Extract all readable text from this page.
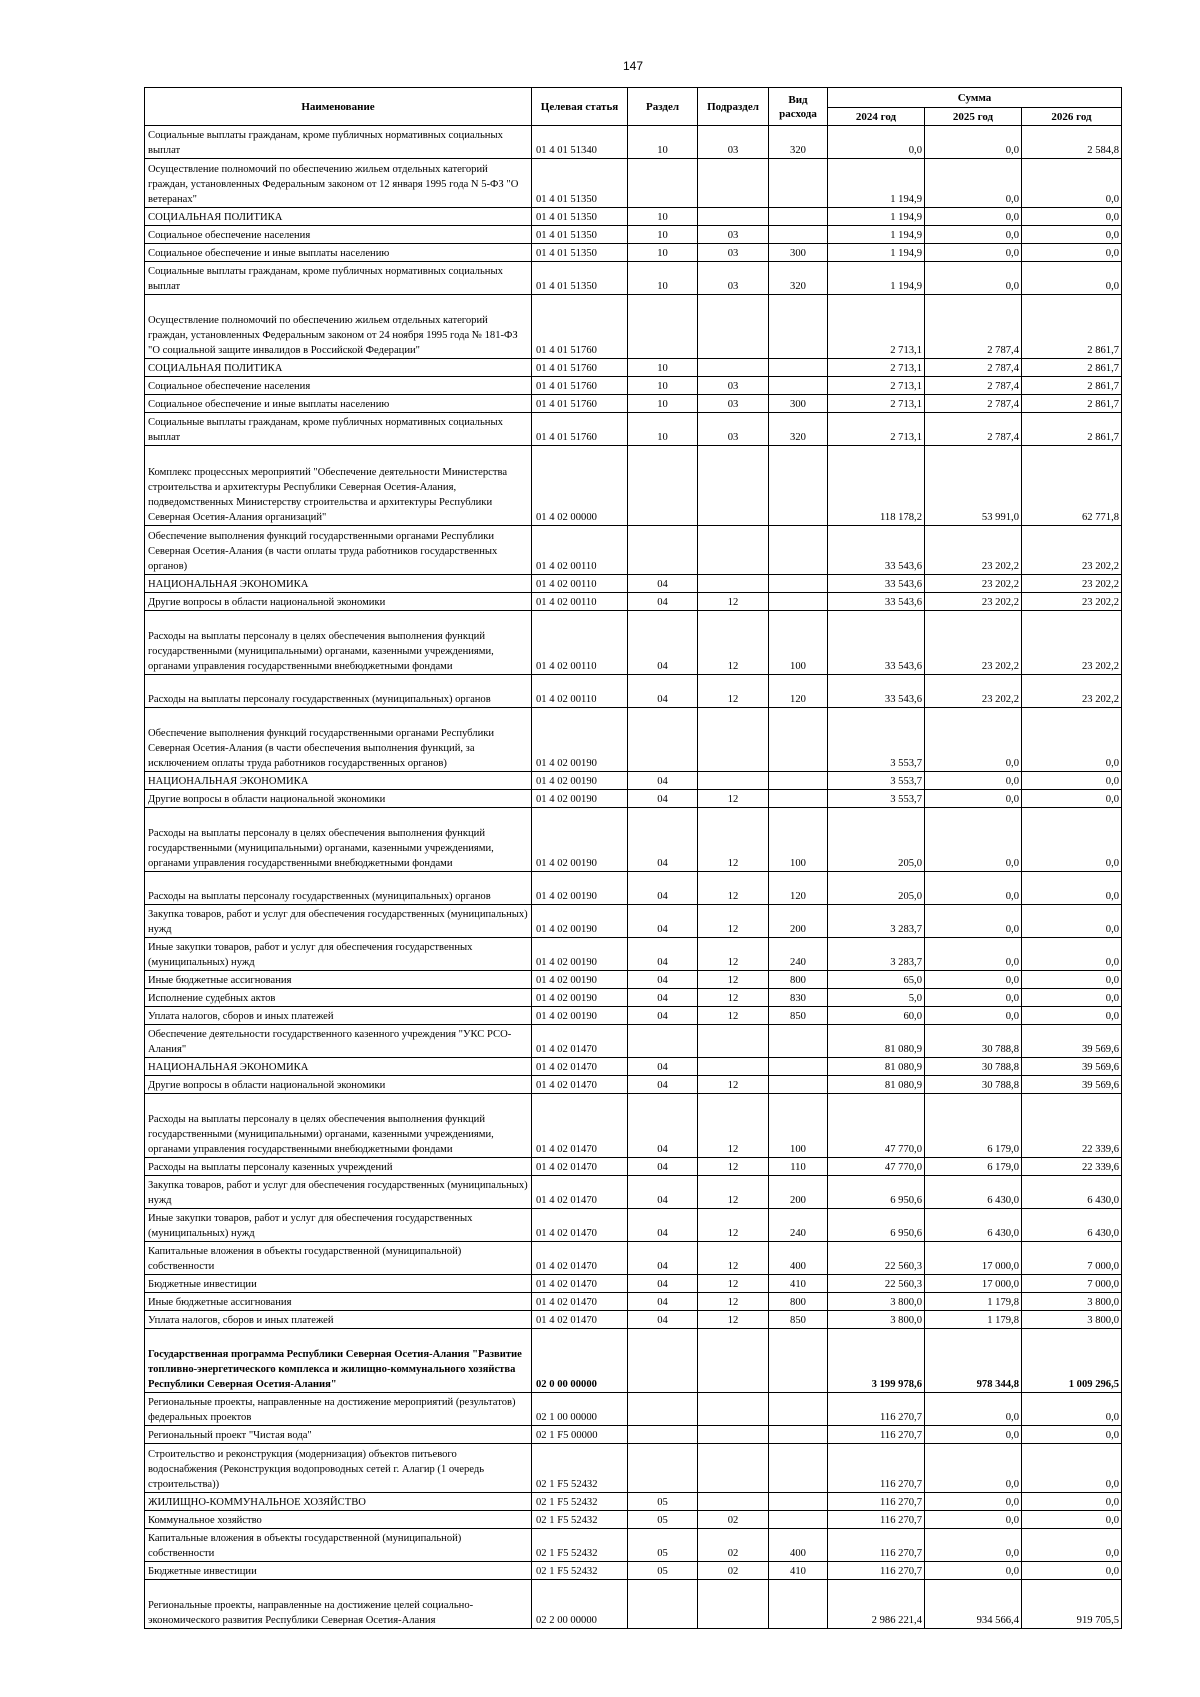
147
Наименование	Целевая статья	Раздел	Подраздел	Вид расхода	Сумма		
					2024 год	2025 год	2026 год
Социальные выплаты гражданам, кроме публичных нормативных социальных выплат	01 4 01 51340	10	03	320	0,0	0,0	2 584,8
Осуществление полномочий по обеспечению жильем отдельных категорий граждан, установленных Федеральным законом от 12 января 1995 года N 5-ФЗ "О ветеранах"	01 4 01 51350				1 194,9	0,0	0,0
СОЦИАЛЬНАЯ ПОЛИТИКА	01 4 01 51350	10			1 194,9	0,0	0,0
Социальное обеспечение населения	01 4 01 51350	10	03		1 194,9	0,0	0,0
Социальное обеспечение и иные выплаты населению	01 4 01 51350	10	03	300	1 194,9	0,0	0,0
Социальные выплаты гражданам, кроме публичных нормативных социальных выплат	01 4 01 51350	10	03	320	1 194,9	0,0	0,0
Осуществление полномочий по обеспечению жильем отдельных категорий граждан, установленных Федеральным законом от 24 ноября 1995 года № 181-ФЗ "О социальной защите инвалидов в Российской Федерации"	01 4 01 51760				2 713,1	2 787,4	2 861,7
СОЦИАЛЬНАЯ ПОЛИТИКА	01 4 01 51760	10			2 713,1	2 787,4	2 861,7
Социальное обеспечение населения	01 4 01 51760	10	03		2 713,1	2 787,4	2 861,7
Социальное обеспечение и иные выплаты населению	01 4 01 51760	10	03	300	2 713,1	2 787,4	2 861,7
Социальные выплаты гражданам, кроме публичных нормативных социальных выплат	01 4 01 51760	10	03	320	2 713,1	2 787,4	2 861,7
Комплекс процессных мероприятий "Обеспечение деятельности Министерства строительства и архитектуры Республики Северная Осетия-Алания, подведомственных Министерству строительства и архитектуры Республики Северная Осетия-Алания организаций"	01 4 02 00000				118 178,2	53 991,0	62 771,8
Обеспечение выполнения функций государственными органами Республики Северная Осетия-Алания (в части оплаты труда работников государственных органов)	01 4 02 00110				33 543,6	23 202,2	23 202,2
НАЦИОНАЛЬНАЯ ЭКОНОМИКА	01 4 02 00110	04			33 543,6	23 202,2	23 202,2
Другие вопросы в области национальной экономики	01 4 02 00110	04	12		33 543,6	23 202,2	23 202,2
Расходы на выплаты персоналу в целях обеспечения выполнения функций государственными (муниципальными) органами, казенными учреждениями, органами управления государственными внебюджетными фондами	01 4 02 00110	04	12	100	33 543,6	23 202,2	23 202,2
Расходы на выплаты персоналу государственных (муниципальных) органов	01 4 02 00110	04	12	120	33 543,6	23 202,2	23 202,2
Обеспечение выполнения функций государственными органами Республики Северная Осетия-Алания (в части обеспечения выполнения функций, за исключением оплаты труда работников государственных органов)	01 4 02 00190				3 553,7	0,0	0,0
НАЦИОНАЛЬНАЯ ЭКОНОМИКА	01 4 02 00190	04			3 553,7	0,0	0,0
Другие вопросы в области национальной экономики	01 4 02 00190	04	12		3 553,7	0,0	0,0
Расходы на выплаты персоналу в целях обеспечения выполнения функций государственными (муниципальными) органами, казенными учреждениями, органами управления государственными внебюджетными фондами	01 4 02 00190	04	12	100	205,0	0,0	0,0
Расходы на выплаты персоналу государственных (муниципальных) органов	01 4 02 00190	04	12	120	205,0	0,0	0,0
Закупка товаров, работ и услуг для обеспечения государственных (муниципальных) нужд	01 4 02 00190	04	12	200	3 283,7	0,0	0,0
Иные закупки товаров, работ и услуг для обеспечения государственных (муниципальных) нужд	01 4 02 00190	04	12	240	3 283,7	0,0	0,0
Иные бюджетные ассигнования	01 4 02 00190	04	12	800	65,0	0,0	0,0
Исполнение судебных актов	01 4 02 00190	04	12	830	5,0	0,0	0,0
Уплата налогов, сборов и иных платежей	01 4 02 00190	04	12	850	60,0	0,0	0,0
Обеспечение деятельности государственного казенного учреждения "УКС РСО-Алания"	01 4 02 01470				81 080,9	30 788,8	39 569,6
НАЦИОНАЛЬНАЯ ЭКОНОМИКА	01 4 02 01470	04			81 080,9	30 788,8	39 569,6
Другие вопросы в области национальной экономики	01 4 02 01470	04	12		81 080,9	30 788,8	39 569,6
Расходы на выплаты персоналу в целях обеспечения выполнения функций государственными (муниципальными) органами, казенными учреждениями, органами управления государственными внебюджетными фондами	01 4 02 01470	04	12	100	47 770,0	6 179,0	22 339,6
Расходы на выплаты персоналу казенных учреждений	01 4 02 01470	04	12	110	47 770,0	6 179,0	22 339,6
Закупка товаров, работ и услуг для обеспечения государственных (муниципальных) нужд	01 4 02 01470	04	12	200	6 950,6	6 430,0	6 430,0
Иные закупки товаров, работ и услуг для обеспечения государственных (муниципальных) нужд	01 4 02 01470	04	12	240	6 950,6	6 430,0	6 430,0
Капитальные вложения в объекты государственной (муниципальной) собственности	01 4 02 01470	04	12	400	22 560,3	17 000,0	7 000,0
Бюджетные инвестиции	01 4 02 01470	04	12	410	22 560,3	17 000,0	7 000,0
Иные бюджетные ассигнования	01 4 02 01470	04	12	800	3 800,0	1 179,8	3 800,0
Уплата налогов, сборов и иных платежей	01 4 02 01470	04	12	850	3 800,0	1 179,8	3 800,0
Государственная программа Республики Северная Осетия-Алания "Развитие топливно-энергетического комплекса и жилищно-коммунального хозяйства Республики Северная Осетия-Алания"	02 0 00 00000				3 199 978,6	978 344,8	1 009 296,5
Региональные проекты, направленные на достижение мероприятий (результатов) федеральных проектов	02 1 00 00000				116 270,7	0,0	0,0
Региональный проект "Чистая вода"	02 1 F5 00000				116 270,7	0,0	0,0
Строительство и реконструкция (модернизация) объектов питьевого водоснабжения (Реконструкция водопроводных сетей г. Алагир (1 очередь строительства))	02 1 F5 52432				116 270,7	0,0	0,0
ЖИЛИЩНО-КОММУНАЛЬНОЕ ХОЗЯЙСТВО	02 1 F5 52432	05			116 270,7	0,0	0,0
Коммунальное хозяйство	02 1 F5 52432	05	02		116 270,7	0,0	0,0
Капитальные вложения в объекты государственной (муниципальной) собственности	02 1 F5 52432	05	02	400	116 270,7	0,0	0,0
Бюджетные инвестиции	02 1 F5 52432	05	02	410	116 270,7	0,0	0,0
Региональные проекты, направленные на достижение целей социально-экономического развития Республики Северная Осетия-Алания	02 2 00 00000				2 986 221,4	934 566,4	919 705,5
